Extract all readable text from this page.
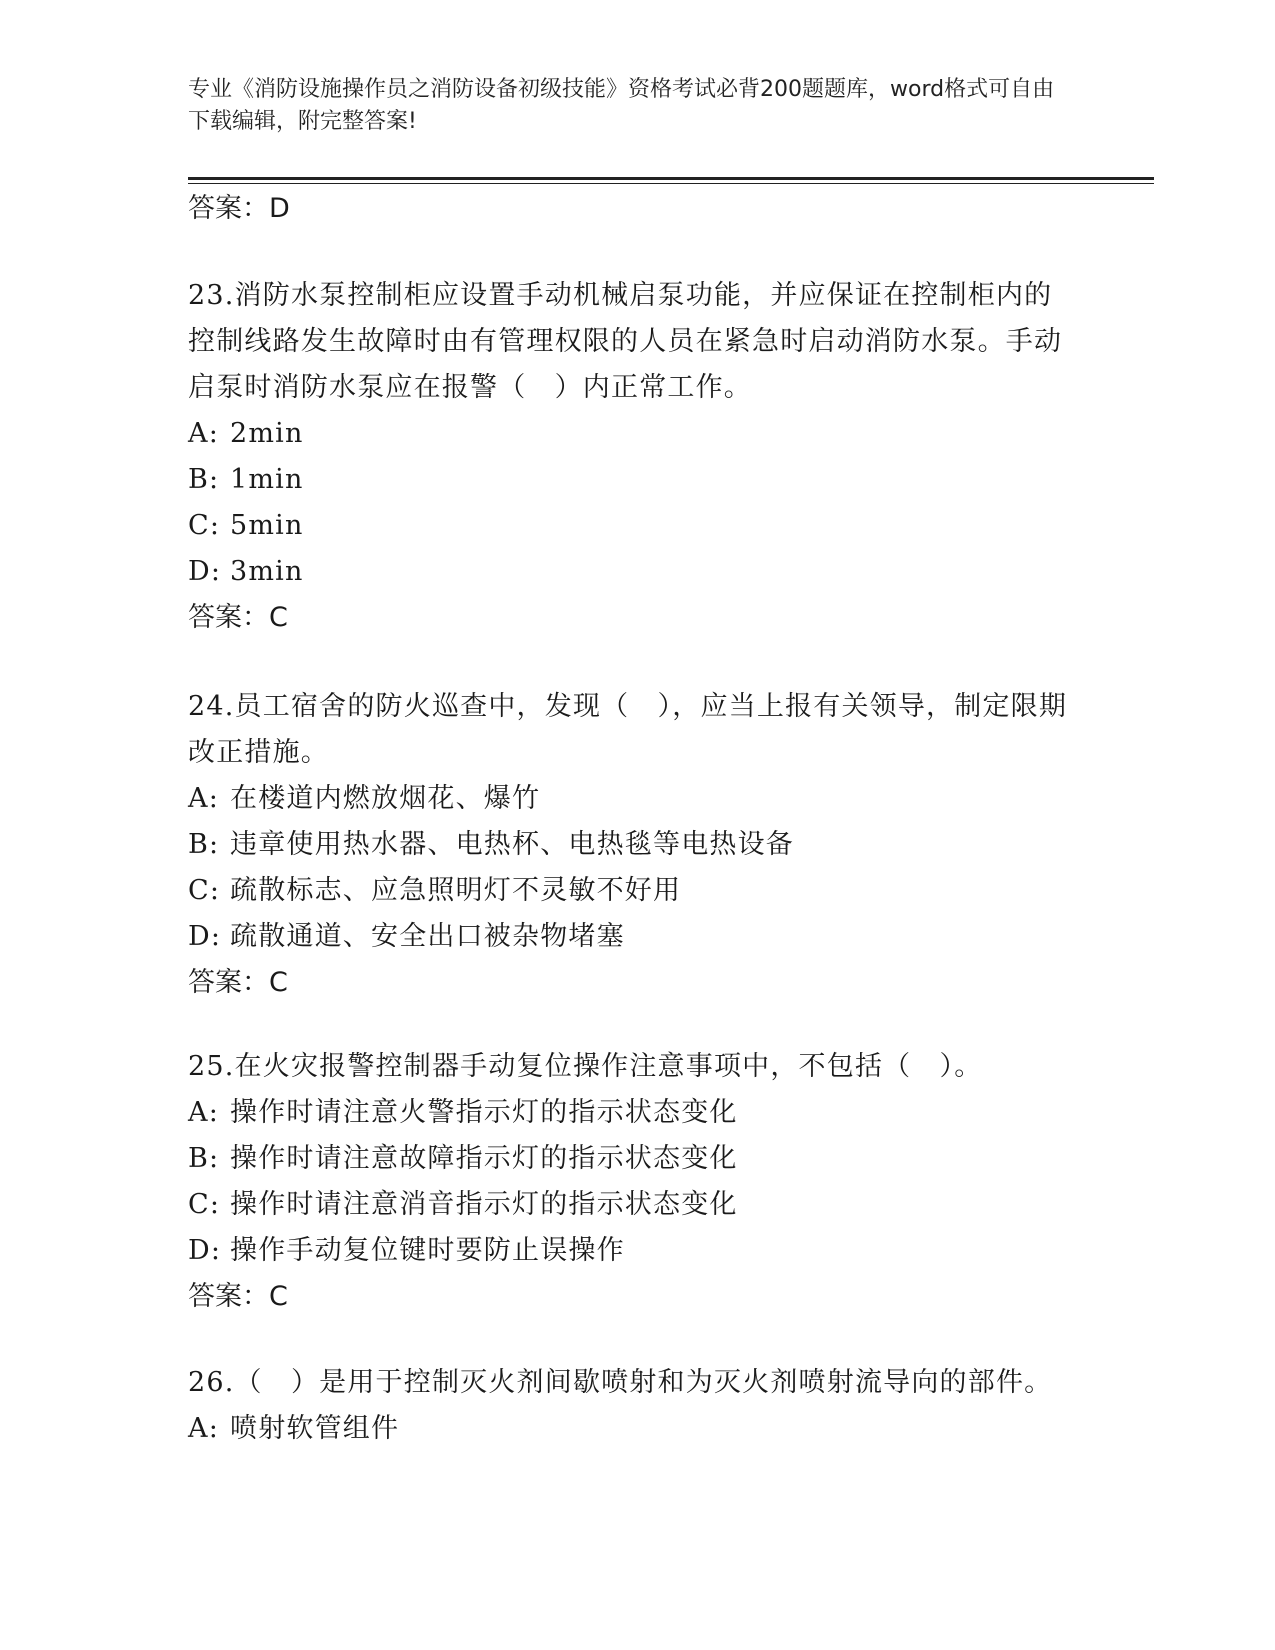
专业《消防设施操作员之消防设备初级技能》资格考试必背200题题库，word格式可自由下载编辑，附完整答案!
答案：D
23.消防水泵控制柜应设置手动机械启泵功能，并应保证在控制柜内的控制线路发生故障时由有管理权限的人员在紧急时启动消防水泵。手动启泵时消防水泵应在报警（　）内正常工作。
A: 2min
B: 1min
C: 5min
D: 3min
答案：C
24.员工宿舍的防火巡查中，发现（　），应当上报有关领导，制定限期改正措施。
A: 在楼道内燃放烟花、爆竹
B: 违章使用热水器、电热杯、电热毯等电热设备
C: 疏散标志、应急照明灯不灵敏不好用
D: 疏散通道、安全出口被杂物堵塞
答案：C
25.在火灾报警控制器手动复位操作注意事项中，不包括（　）。
A: 操作时请注意火警指示灯的指示状态变化
B: 操作时请注意故障指示灯的指示状态变化
C: 操作时请注意消音指示灯的指示状态变化
D: 操作手动复位键时要防止误操作
答案：C
26.（　）是用于控制灭火剂间歇喷射和为灭火剂喷射流导向的部件。
A: 喷射软管组件
